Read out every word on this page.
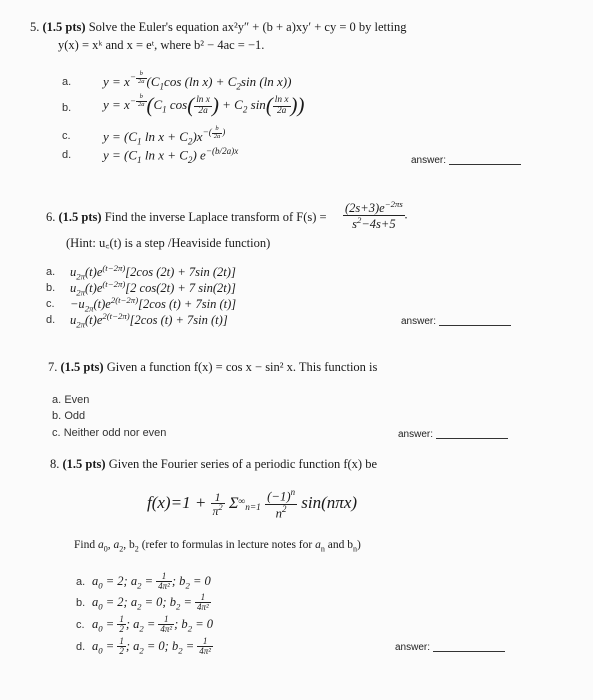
5. (1.5 pts) Solve the Euler's equation ax²y″ + (b + a)xy′ + cy = 0 by letting
y(x) = xᵏ and x = eᵗ, where b² − 4ac = −1.
a. $y = x^{- \frac{b}{2a}}$ ($C_1\cos$ (ln $x) + C_2\sin$ (ln x))
b. $y = x^{- \frac{b}{2a}}$ ($C_1$ $\cos( \frac{\text{ln x}}{2a}$ ) + $C_2$ $\sin( \frac{\text{ln x}}{2a}$ ))
c. $y = (C_1$ $\ln x + C_2)x^{-( \frac{b}{2a} )}$
d. $y = (C_1$ $\ln x + C_2$) $e^{-(b/2a)x}$
answer:
6. (1.5 pts) Find the inverse Laplace transform of $F(s) = \frac{(2s+3)e^{-2\pi s}}{s^2-4s+5}$ .
(Hint: u꜀(t) is a step /Heaviside function)
a. $u_{2\pi}(t)e^{(t-2\pi)}[2\cos$ (2t) + 7sin (2t)]
b. $u_{2\pi}(t)e^{(t-2\pi)}[2$ cos(2t) + 7 sin(2t)]
c. $-u_{2\pi}(t)e^{2(t-2\pi)}[2\cos$ (t) + 7sin (t)]
d. $u_{2\pi}(t)e^{2(t-2\pi)}[2\cos$ (t) + 7sin (t)]	answer:
7. (1.5 pts) Given a function f(x) = cos x − sin² x. This function is
a. Even
b. Odd
c. Neither odd nor even	answer:
8. (1.5 pts) Given the Fourier series of a periodic function f(x) be
$f(x)=1 + \frac{1}{\pi^2} \Sigma\infty n=1 \frac{(-1)^n}{n^2} \sin(n\pi x)$
Find $a_0$, $a_2$, $b_2$ (refer to formulas in lecture notes for $a_n$ and $b_n$)
a. $a_0 = 2$; $a_2 = \frac{1}{\text{4π²}}$ ; $b_2 = 0$
b. $a_0 = 2$; $a_2 = 0$; $b_2 = \frac{1}{\text{4π²}}$
c. $a_0 = \frac{1}{2}$ ; $a_2 = \frac{1}{\text{4π²}}$ ; $b_2 = 0$
d. $a_0 = \frac{1}{2}$ ; $a_2 = 0$; $b_2 = \frac{1}{\text{4π²}}$	answer:
